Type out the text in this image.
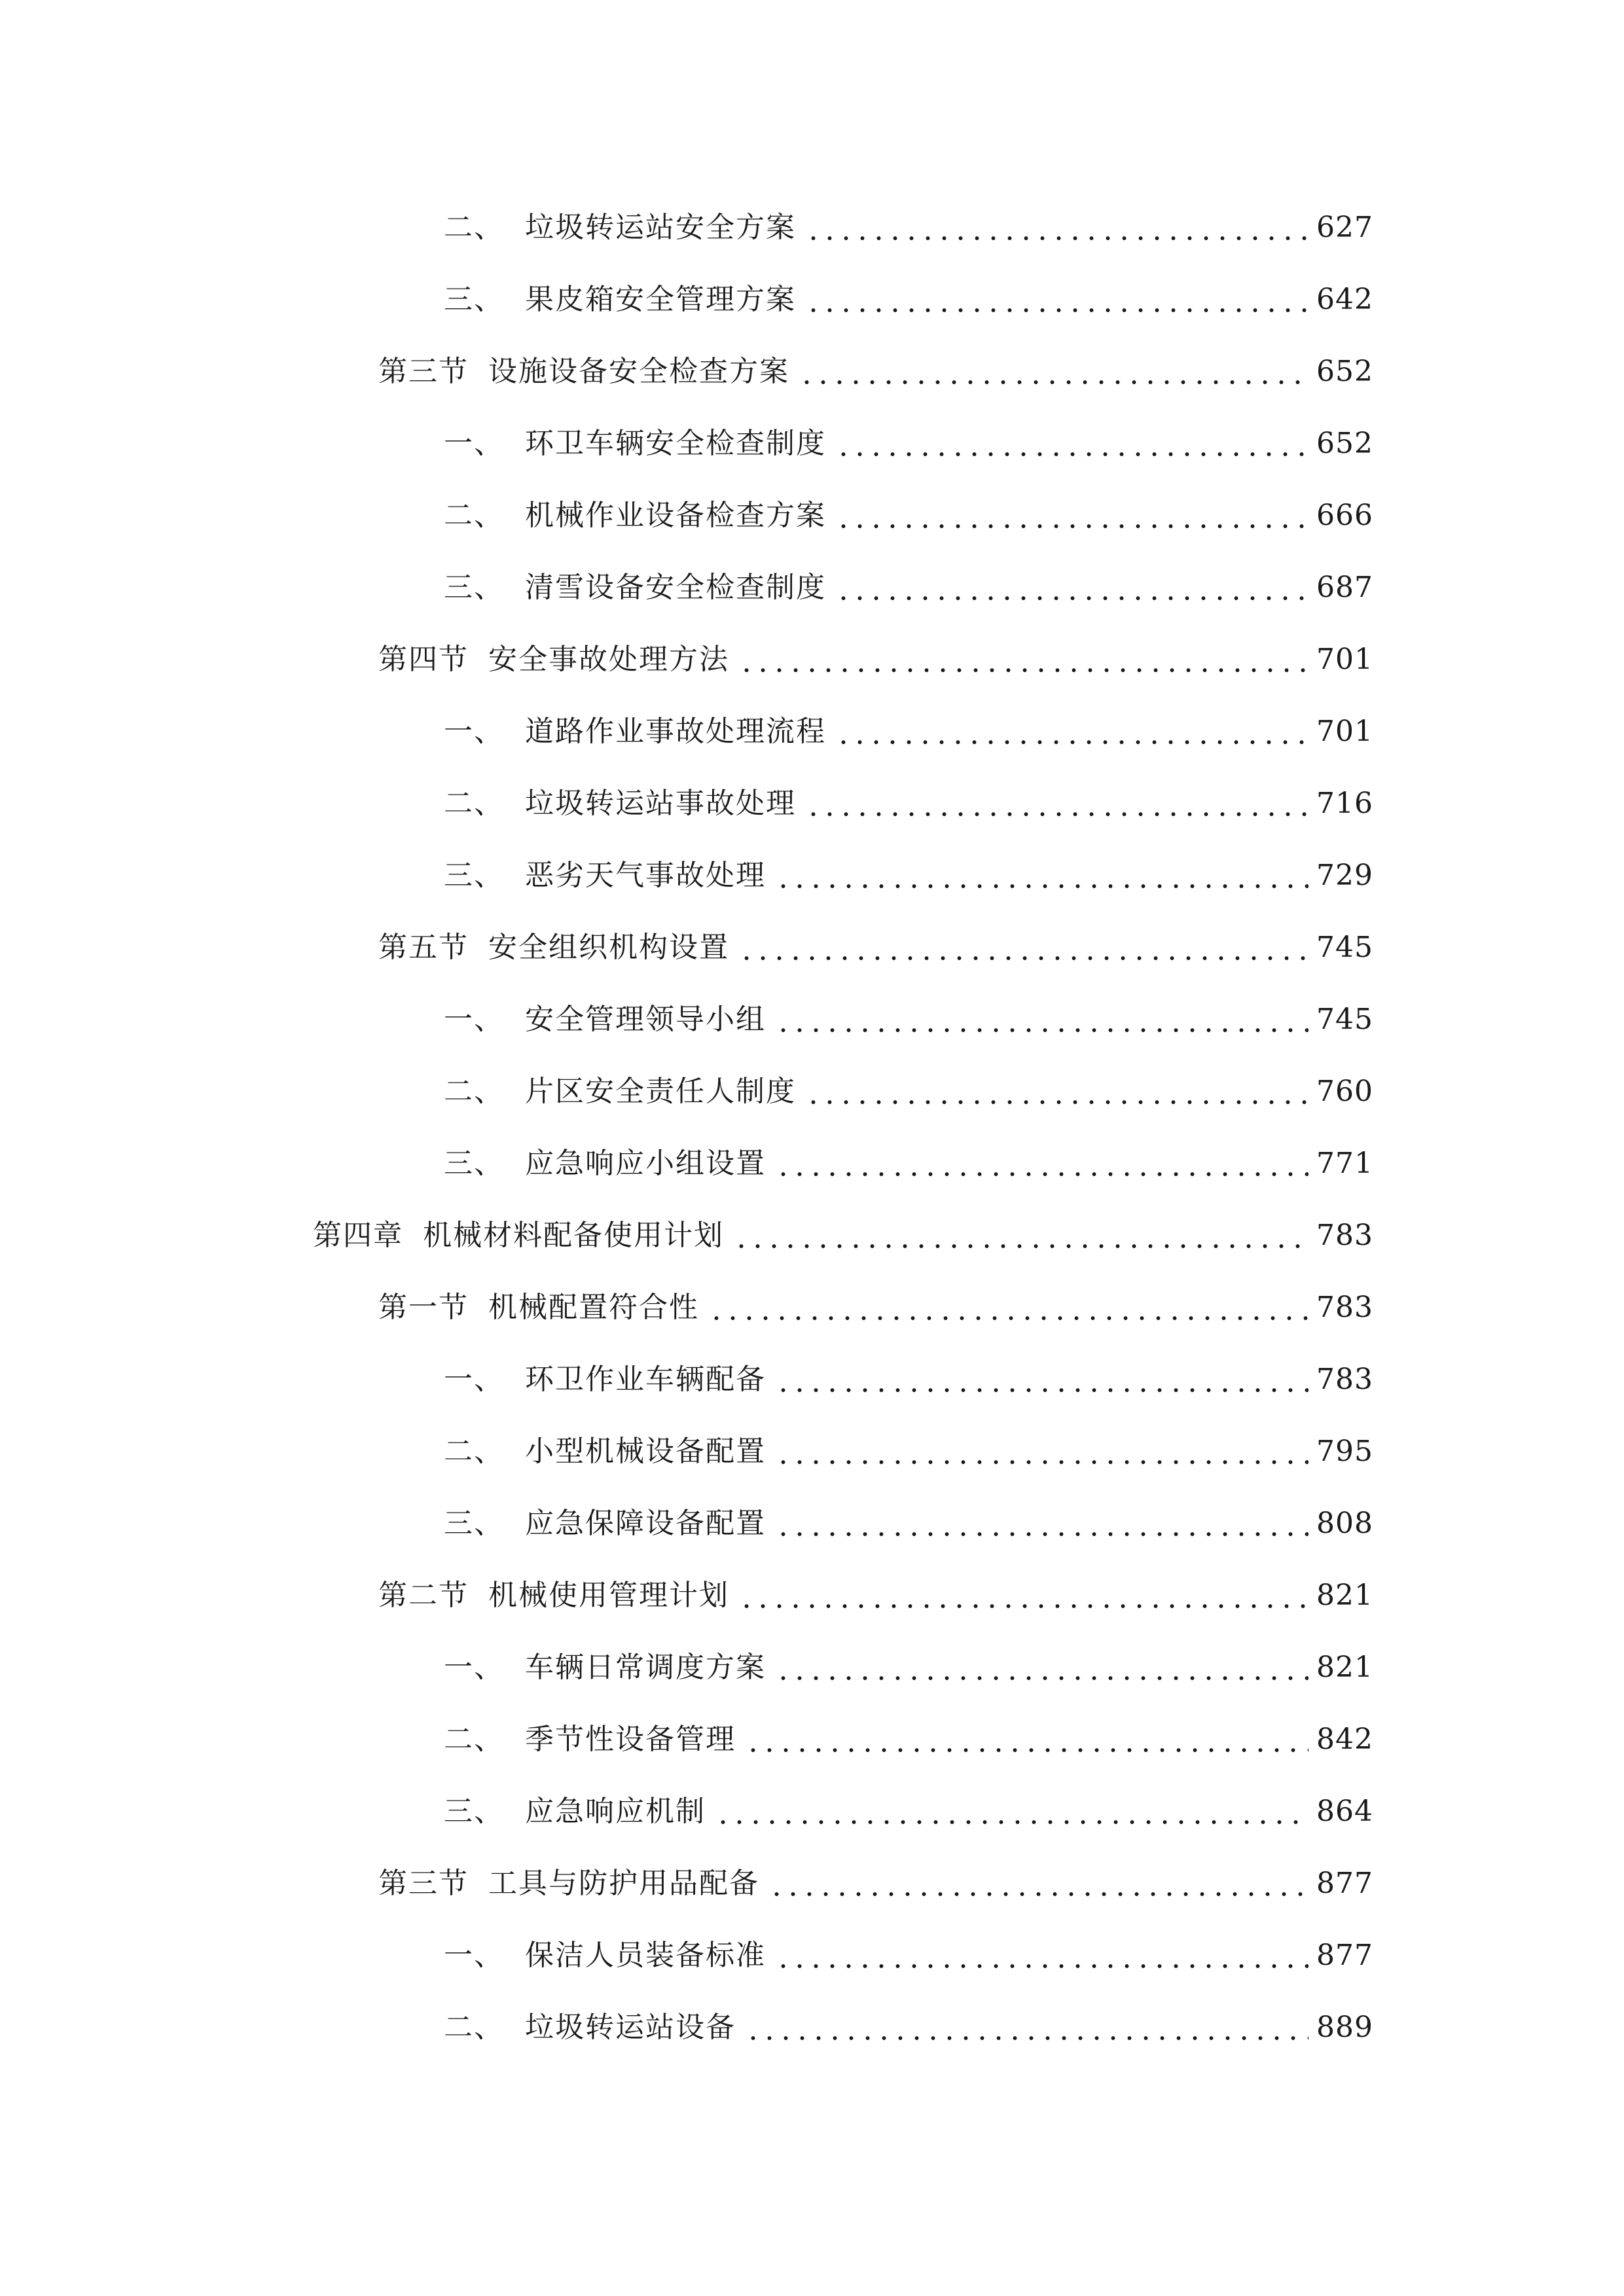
二、 垃圾转运站安全方案	627
三、 果皮箱安全管理方案	642
第三节 设施设备安全检查方案	652
一、 环卫车辆安全检查制度	652
二、 机械作业设备检查方案	666
三、 清雪设备安全检查制度	687
第四节 安全事故处理方法	701
一、 道路作业事故处理流程	701
二、 垃圾转运站事故处理	716
三、 恶劣天气事故处理	729
第五节 安全组织机构设置	745
一、 安全管理领导小组	745
二、 片区安全责任人制度	760
三、 应急响应小组设置	771
第四章 机械材料配备使用计划	783
第一节 机械配置符合性	783
一、 环卫作业车辆配备	783
二、 小型机械设备配置	795
三、 应急保障设备配置	808
第二节 机械使用管理计划	821
一、 车辆日常调度方案	821
二、 季节性设备管理	842
三、 应急响应机制	864
第三节 工具与防护用品配备	877
一、 保洁人员装备标准	877
二、 垃圾转运站设备	889
